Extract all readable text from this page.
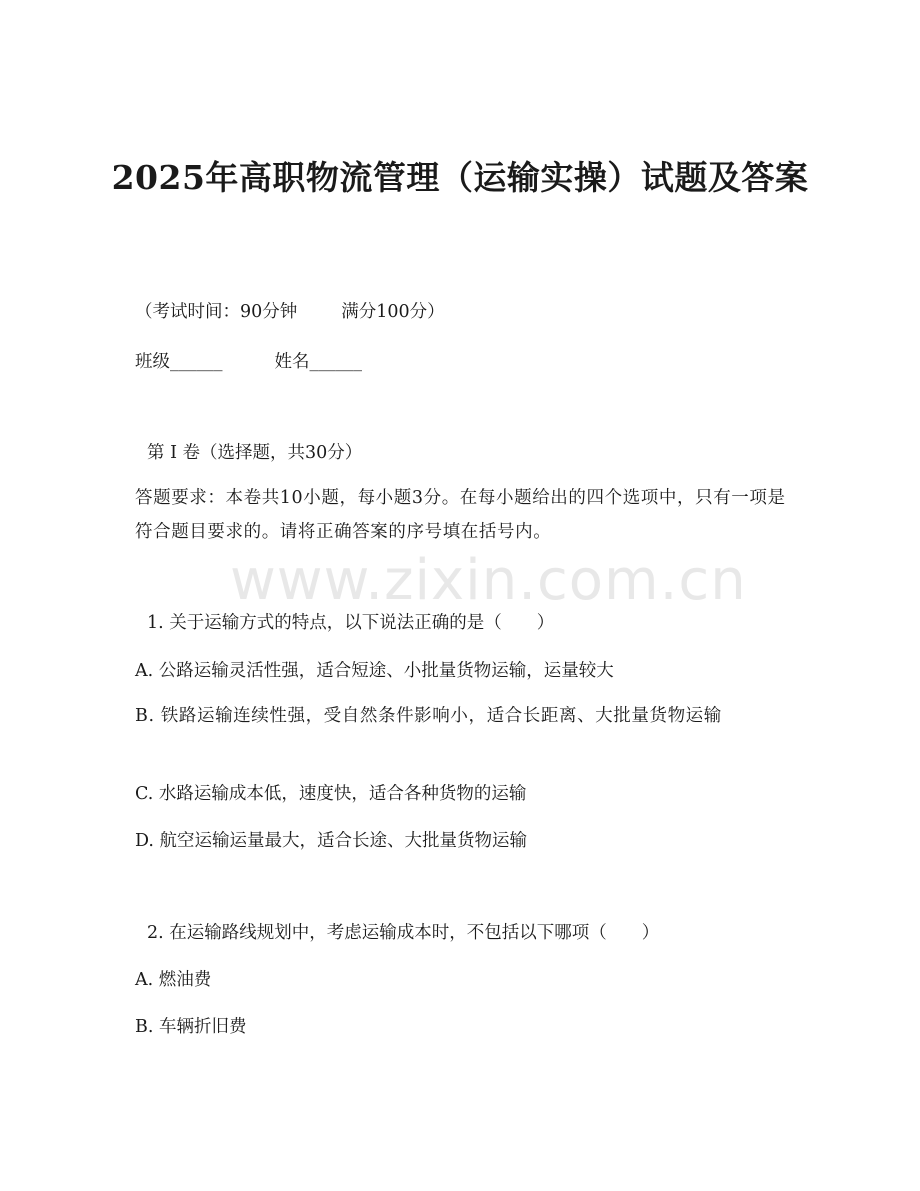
2025年高职物流管理（运输实操）试题及答案
（考试时间：90分钟	满分100分）
班级______	姓名______
第 I 卷（选择题，共30分）
答题要求：本卷共10小题，每小题3分。在每小题给出的四个选项中，只有一项是符合题目要求的。请将正确答案的序号填在括号内。
www.zixin.com.cn
1. 关于运输方式的特点，以下说法正确的是（　　）
A. 公路运输灵活性强，适合短途、小批量货物运输，运量较大
B. 铁路运输连续性强，受自然条件影响小，适合长距离、大批量货物运输
C. 水路运输成本低，速度快，适合各种货物的运输
D. 航空运输运量最大，适合长途、大批量货物运输
2. 在运输路线规划中，考虑运输成本时，不包括以下哪项（　　）
A. 燃油费
B. 车辆折旧费
